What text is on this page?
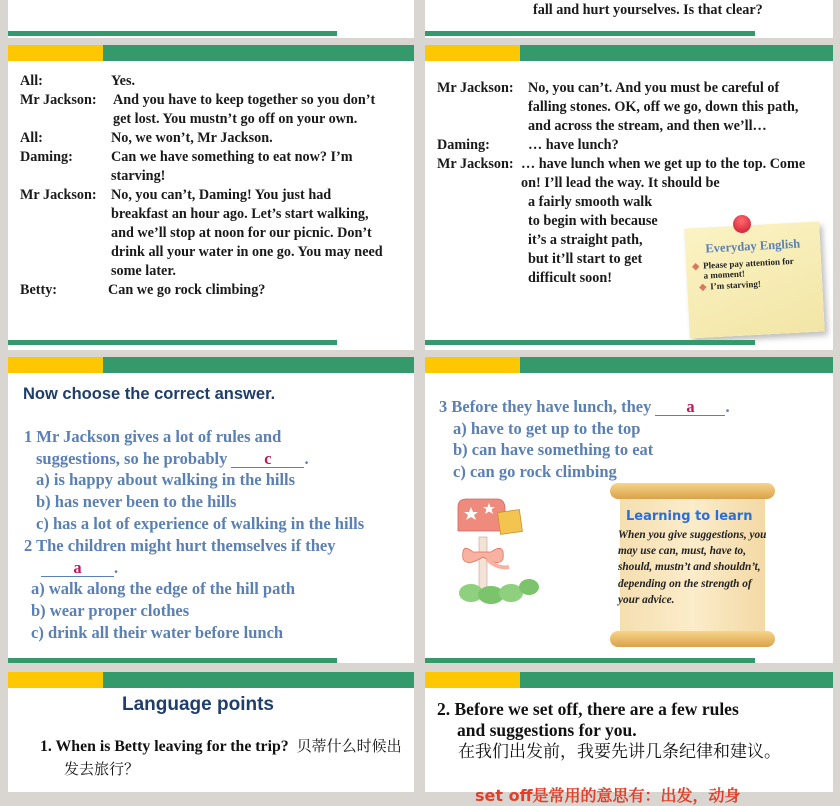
fall and hurt yourselves. Is that clear?
All:	Yes.
Mr Jackson:	And you have to keep together so you don’t get lost. You mustn’t go off on your own.
All:	No, we won’t, Mr Jackson.
Daming:	Can we have something to eat now? I’m starving!
Mr Jackson:	No, you can’t, Daming! You just had breakfast an hour ago. Let’s start walking, and we’ll stop at noon for our picnic. Don’t drink all your water in one go. You may need some later.
Betty:	Can we go rock climbing?
Mr Jackson:	No, you can’t. And you must be careful of falling stones. OK, off we go, down this path, and across the stream, and then we’ll…
Daming:	… have lunch?
Mr Jackson: … have lunch when we get up to the top. Come on! I’ll lead the way. It should be
a fairly smooth walk
to begin with because
it’s a straight path,
but it’ll start to get
difficult soon!
Everyday English
◆ Please pay attention for a moment!
◆ I’m starving!
Now choose the correct answer.
1 Mr Jackson gives a lot of rules and
suggestions, so he probably c .
a) is happy about walking in the hills
b) has never been to the hills
c) has a lot of experience of walking in the hills
2 The children might hurt themselves if they
a .
a) walk along the edge of the hill path
b) wear proper clothes
c) drink all their water before lunch
3 Before they have lunch, they a .
a) have to get up to the top
b) can have something to eat
c) can go rock climbing
Learning to learn
When you give suggestions, you may use can, must, have to, should, mustn’t and shouldn’t, depending on the strength of your advice.
Language points
1. When is Betty leaving for the trip? 贝蒂什么时候出发去旅行？
2. Before we set off, there are a few rules
and suggestions for you.
在我们出发前，我要先讲几条纪律和建议。
set off是常用的意思有：出发，动身
